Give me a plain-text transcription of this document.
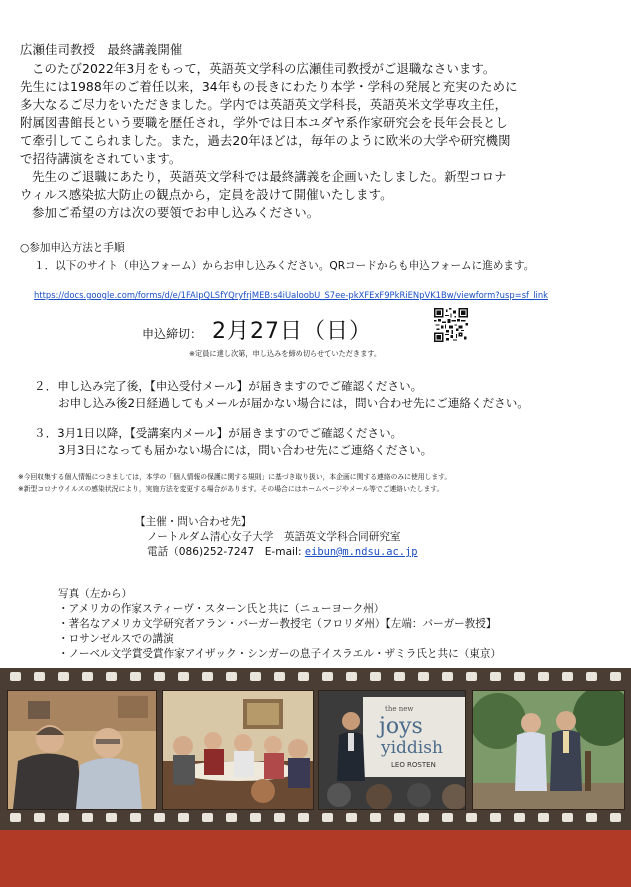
広瀬佳司教授　最終講義開催
このたび2022年3月をもって，英語英文学科の広瀬佳司教授がご退職なさいます。
先生には1988年のご着任以来，34年もの長きにわたり本学・学科の発展と充実のために
多大なるご尽力をいただきました。学内では英語英文学科長，英語英米文学専攻主任，
附属図書館長という要職を歴任され，学外では日本ユダヤ系作家研究会を長年会長とし
て牽引してこられました。また，過去20年ほどは，毎年のように欧米の大学や研究機関
で招待講演をされています。
先生のご退職にあたり，英語英文学科では最終講義を企画いたしました。新型コロナ
ウィルス感染拡大防止の観点から，定員を設けて開催いたします。
参加ご希望の方は次の要領でお申し込みください。
○参加申込方法と手順
１．以下のサイト（申込フォーム）からお申し込みください。QRコードからも申込フォームに進めます。
https://docs.google.com/forms/d/e/1FAIpQLSfYQryfrjMEB:s4iUaloobU_S7ee-pkXFExF9PkRiENpVK1Bw/viewform?usp=sf_link
申込締切： 2月27日（日）
※定員に達し次第，申し込みを締め切らせていただきます。
２．申し込み完了後，【申込受付メール】が届きますのでご確認ください。
お申し込み後2日経過してもメールが届かない場合には，問い合わせ先にご連絡ください。
３．3月1日以降，【受講案内メール】が届きますのでご確認ください。
3月3日になっても届かない場合には，問い合わせ先にご連絡ください。
※今回収集する個人情報につきましては，本学の「個人情報の保護に関する規則」に基づき取り扱い，本企画に関する連絡のみに使用します。
※新型コロナウイルスの感染状況により，実施方法を変更する場合があります。その場合にはホームページやメール等でご連絡いたします。
【主催・問い合わせ先】
ノートルダム清心女子大学　英語英文学科合同研究室
電話（086)252-7247　E-mail: eibun@m.ndsu.ac.jp
写真（左から）
・アメリカの作家スティーヴ・スターン氏と共に（ニューヨーク州）
・著名なアメリカ文学研究者アラン・バーガー教授宅（フロリダ州）【左端：バーガー教授】
・ロサンゼルスでの講演
・ノーベル文学賞受賞作家アイザック・シンガーの息子イスラエル・ザミラ氏と共に（東京）
the new
joys
yiddish
LEO ROSTEN
